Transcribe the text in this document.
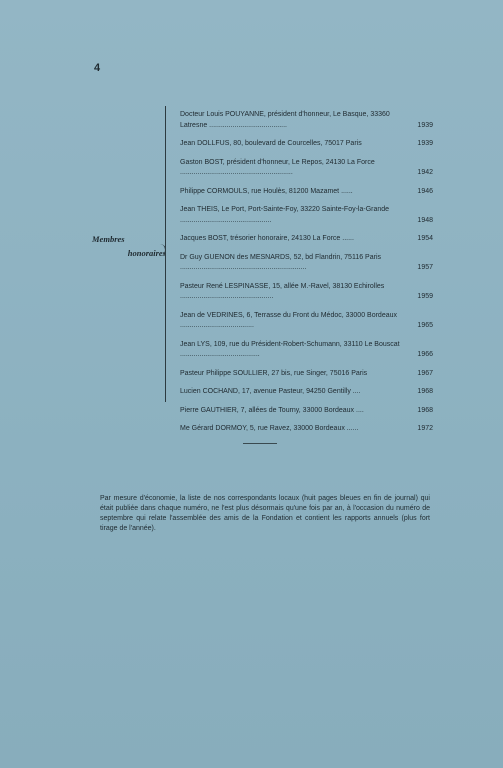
4
Membres
honoraires
Docteur Louis POUYANNE, président d'honneur, Le Basque, 33360 Latresne ........................................	1939
Jean DOLLFUS, 80, boulevard de Courcelles, 75017 Paris	1939
Gaston BOST, président d'honneur, Le Repos, 24130 La Force ..........................................................	1942
Philippe CORMOULS, rue Houlès, 81200 Mazamet ......	1946
Jean THEIS, Le Port, Port-Sainte-Foy, 33220 Sainte-Foy-la-Grande ...............................................	1948
Jacques BOST, trésorier honoraire, 24130 La Force ......	1954
Dr Guy GUENON des MESNARDS, 52, bd Flandrin, 75116 Paris .................................................................	1957
Pasteur René LESPINASSE, 15, allée M.-Ravel, 38130 Echirolles ................................................	1959
Jean de VEDRINES, 6, Terrasse du Front du Médoc, 33000 Bordeaux ......................................	1965
Jean LYS, 109, rue du Président-Robert-Schumann, 33110 Le Bouscat .........................................	1966
Pasteur Philippe SOULLIER, 27 bis, rue Singer, 75016 Paris	1967
Lucien COCHAND, 17, avenue Pasteur, 94250 Gentilly ....	1968
Pierre GAUTHIER, 7, allées de Tourny, 33000 Bordeaux ....	1968
Me Gérard DORMOY, 5, rue Ravez, 33000 Bordeaux ......	1972
Par mesure d'économie, la liste de nos correspondants locaux (huit pages bleues en fin de journal) qui était publiée dans chaque numéro, ne l'est plus désormais qu'une fois par an, à l'occasion du numéro de septembre qui relate l'assemblée des amis de la Fondation et contient les rapports annuels (plus fort tirage de l'année).
